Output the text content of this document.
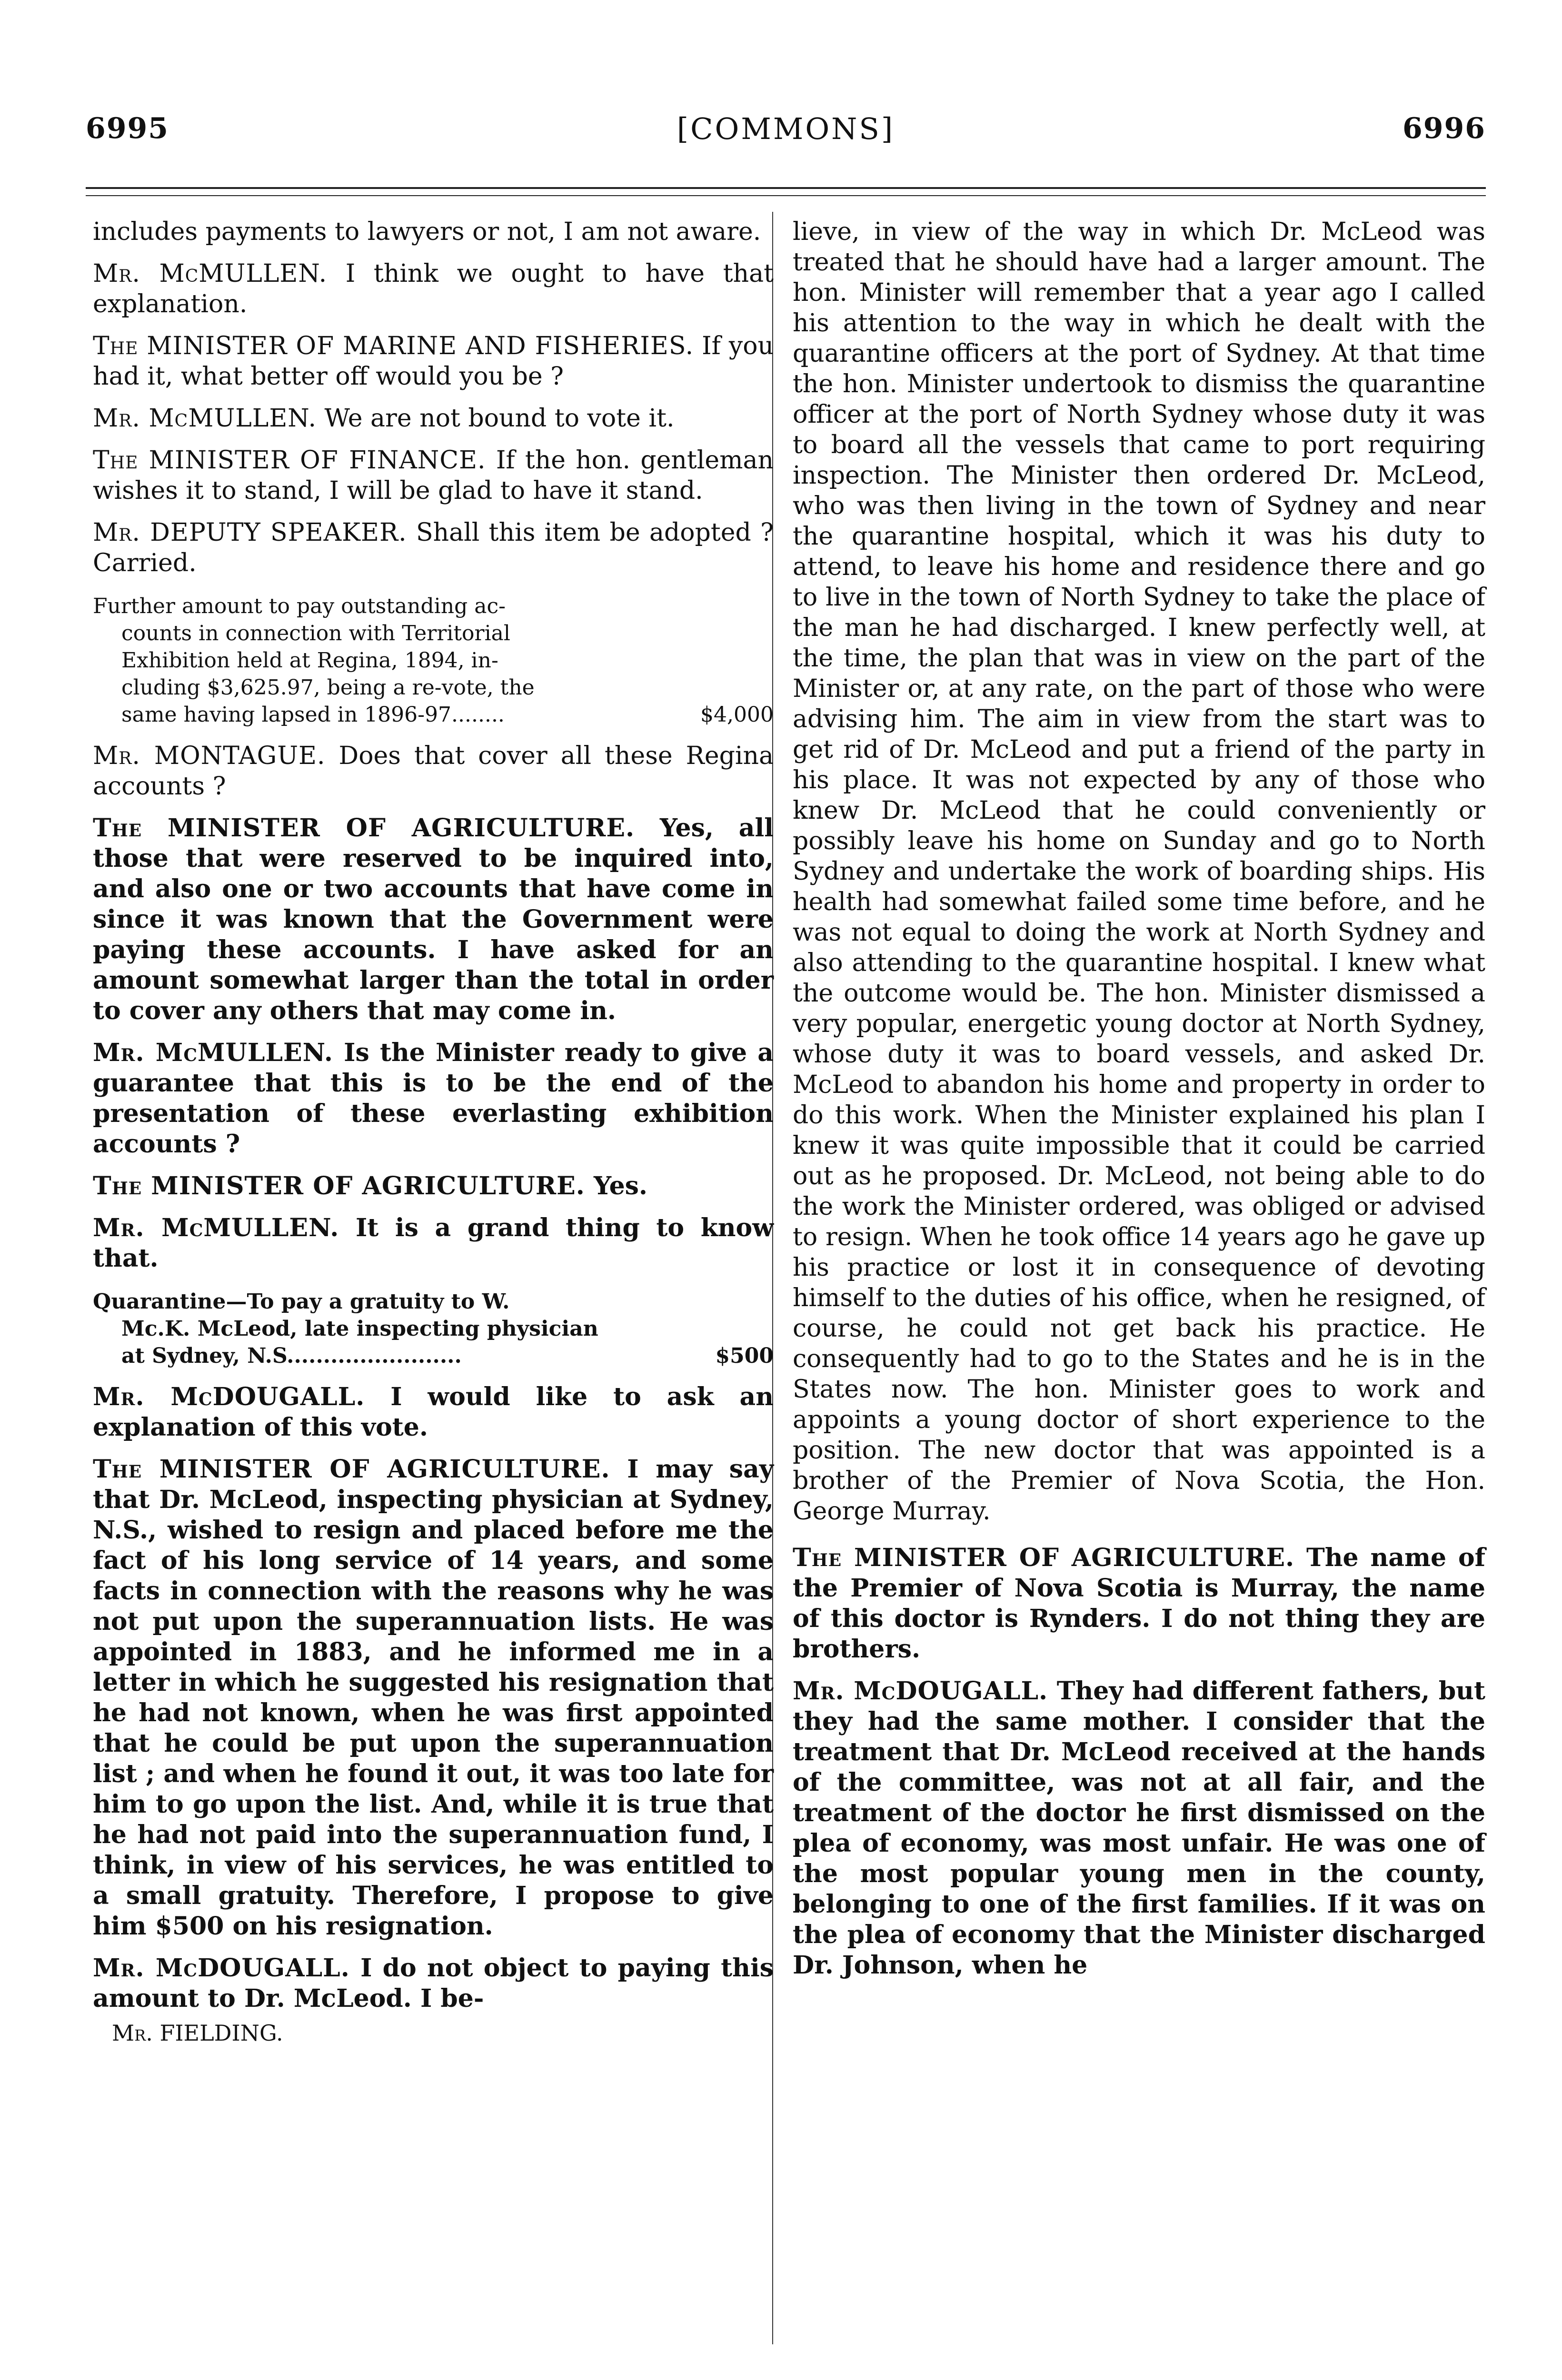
6995	[COMMONS]	6996

includes payments to lawyers or not, I am not aware.

Mr. McMULLEN. I think we ought to have that explanation.

The MINISTER OF MARINE AND FISHERIES. If you had it, what better off would you be ?

Mr. McMULLEN. We are not bound to vote it.

The MINISTER OF FINANCE. If the hon. gentleman wishes it to stand, I will be glad to have it stand.

Mr. DEPUTY SPEAKER. Shall this item be adopted ? Carried.

Further amount to pay outstanding ac-
counts in connection with Territorial
Exhibition held at Regina, 1894, in-
cluding $3,625.97, being a re-vote, the
same having lapsed in 1896-97........	$4,000

Mr. MONTAGUE. Does that cover all these Regina accounts ?

The MINISTER OF AGRICULTURE. Yes, all those that were reserved to be inquired into, and also one or two accounts that have come in since it was known that the Government were paying these accounts. I have asked for an amount somewhat larger than the total in order to cover any others that may come in.

Mr. McMULLEN. Is the Minister ready to give a guarantee that this is to be the end of the presentation of these everlasting exhibition accounts ?

The MINISTER OF AGRICULTURE. Yes.

Mr. McMULLEN. It is a grand thing to know that.

Quarantine—To pay a gratuity to W.
Mc.K. McLeod, late inspecting physician
at Sydney, N.S........................	$500

Mr. McDOUGALL. I would like to ask an explanation of this vote.

The MINISTER OF AGRICULTURE. I may say that Dr. McLeod, inspecting physician at Sydney, N.S., wished to resign and placed before me the fact of his long service of 14 years, and some facts in connection with the reasons why he was not put upon the superannuation lists. He was appointed in 1883, and he informed me in a letter in which he suggested his resignation that he had not known, when he was first appointed that he could be put upon the superannuation list ; and when he found it out, it was too late for him to go upon the list. And, while it is true that he had not paid into the superannuation fund, I think, in view of his services, he was entitled to a small gratuity. Therefore, I propose to give him $500 on his resignation.

Mr. McDOUGALL. I do not object to paying this amount to Dr. McLeod. I be-

Mr. FIELDING.

lieve, in view of the way in which Dr. McLeod was treated that he should have had a larger amount. The hon. Minister will remember that a year ago I called his attention to the way in which he dealt with the quarantine officers at the port of Sydney. At that time the hon. Minister undertook to dismiss the quarantine officer at the port of North Sydney whose duty it was to board all the vessels that came to port requiring inspection. The Minister then ordered Dr. McLeod, who was then living in the town of Sydney and near the quarantine hospital, which it was his duty to attend, to leave his home and residence there and go to live in the town of North Sydney to take the place of the man he had discharged. I knew perfectly well, at the time, the plan that was in view on the part of the Minister or, at any rate, on the part of those who were advising him. The aim in view from the start was to get rid of Dr. McLeod and put a friend of the party in his place. It was not expected by any of those who knew Dr. McLeod that he could conveniently or possibly leave his home on Sunday and go to North Sydney and undertake the work of boarding ships. His health had somewhat failed some time before, and he was not equal to doing the work at North Sydney and also attending to the quarantine hospital. I knew what the outcome would be. The hon. Minister dismissed a very popular, energetic young doctor at North Sydney, whose duty it was to board vessels, and asked Dr. McLeod to abandon his home and property in order to do this work. When the Minister explained his plan I knew it was quite impossible that it could be carried out as he proposed. Dr. McLeod, not being able to do the work the Minister ordered, was obliged or advised to resign. When he took office 14 years ago he gave up his practice or lost it in consequence of devoting himself to the duties of his office, when he resigned, of course, he could not get back his practice. He consequently had to go to the States and he is in the States now. The hon. Minister goes to work and appoints a young doctor of short experience to the position. The new doctor that was appointed is a brother of the Premier of Nova Scotia, the Hon. George Murray.

The MINISTER OF AGRICULTURE. The name of the Premier of Nova Scotia is Murray, the name of this doctor is Rynders. I do not thing they are brothers.

Mr. McDOUGALL. They had different fathers, but they had the same mother. I consider that the treatment that Dr. McLeod received at the hands of the committee, was not at all fair, and the treatment of the doctor he first dismissed on the plea of economy, was most unfair. He was one of the most popular young men in the county, belonging to one of the first families. If it was on the plea of economy that the Minister discharged Dr. Johnson, when he
